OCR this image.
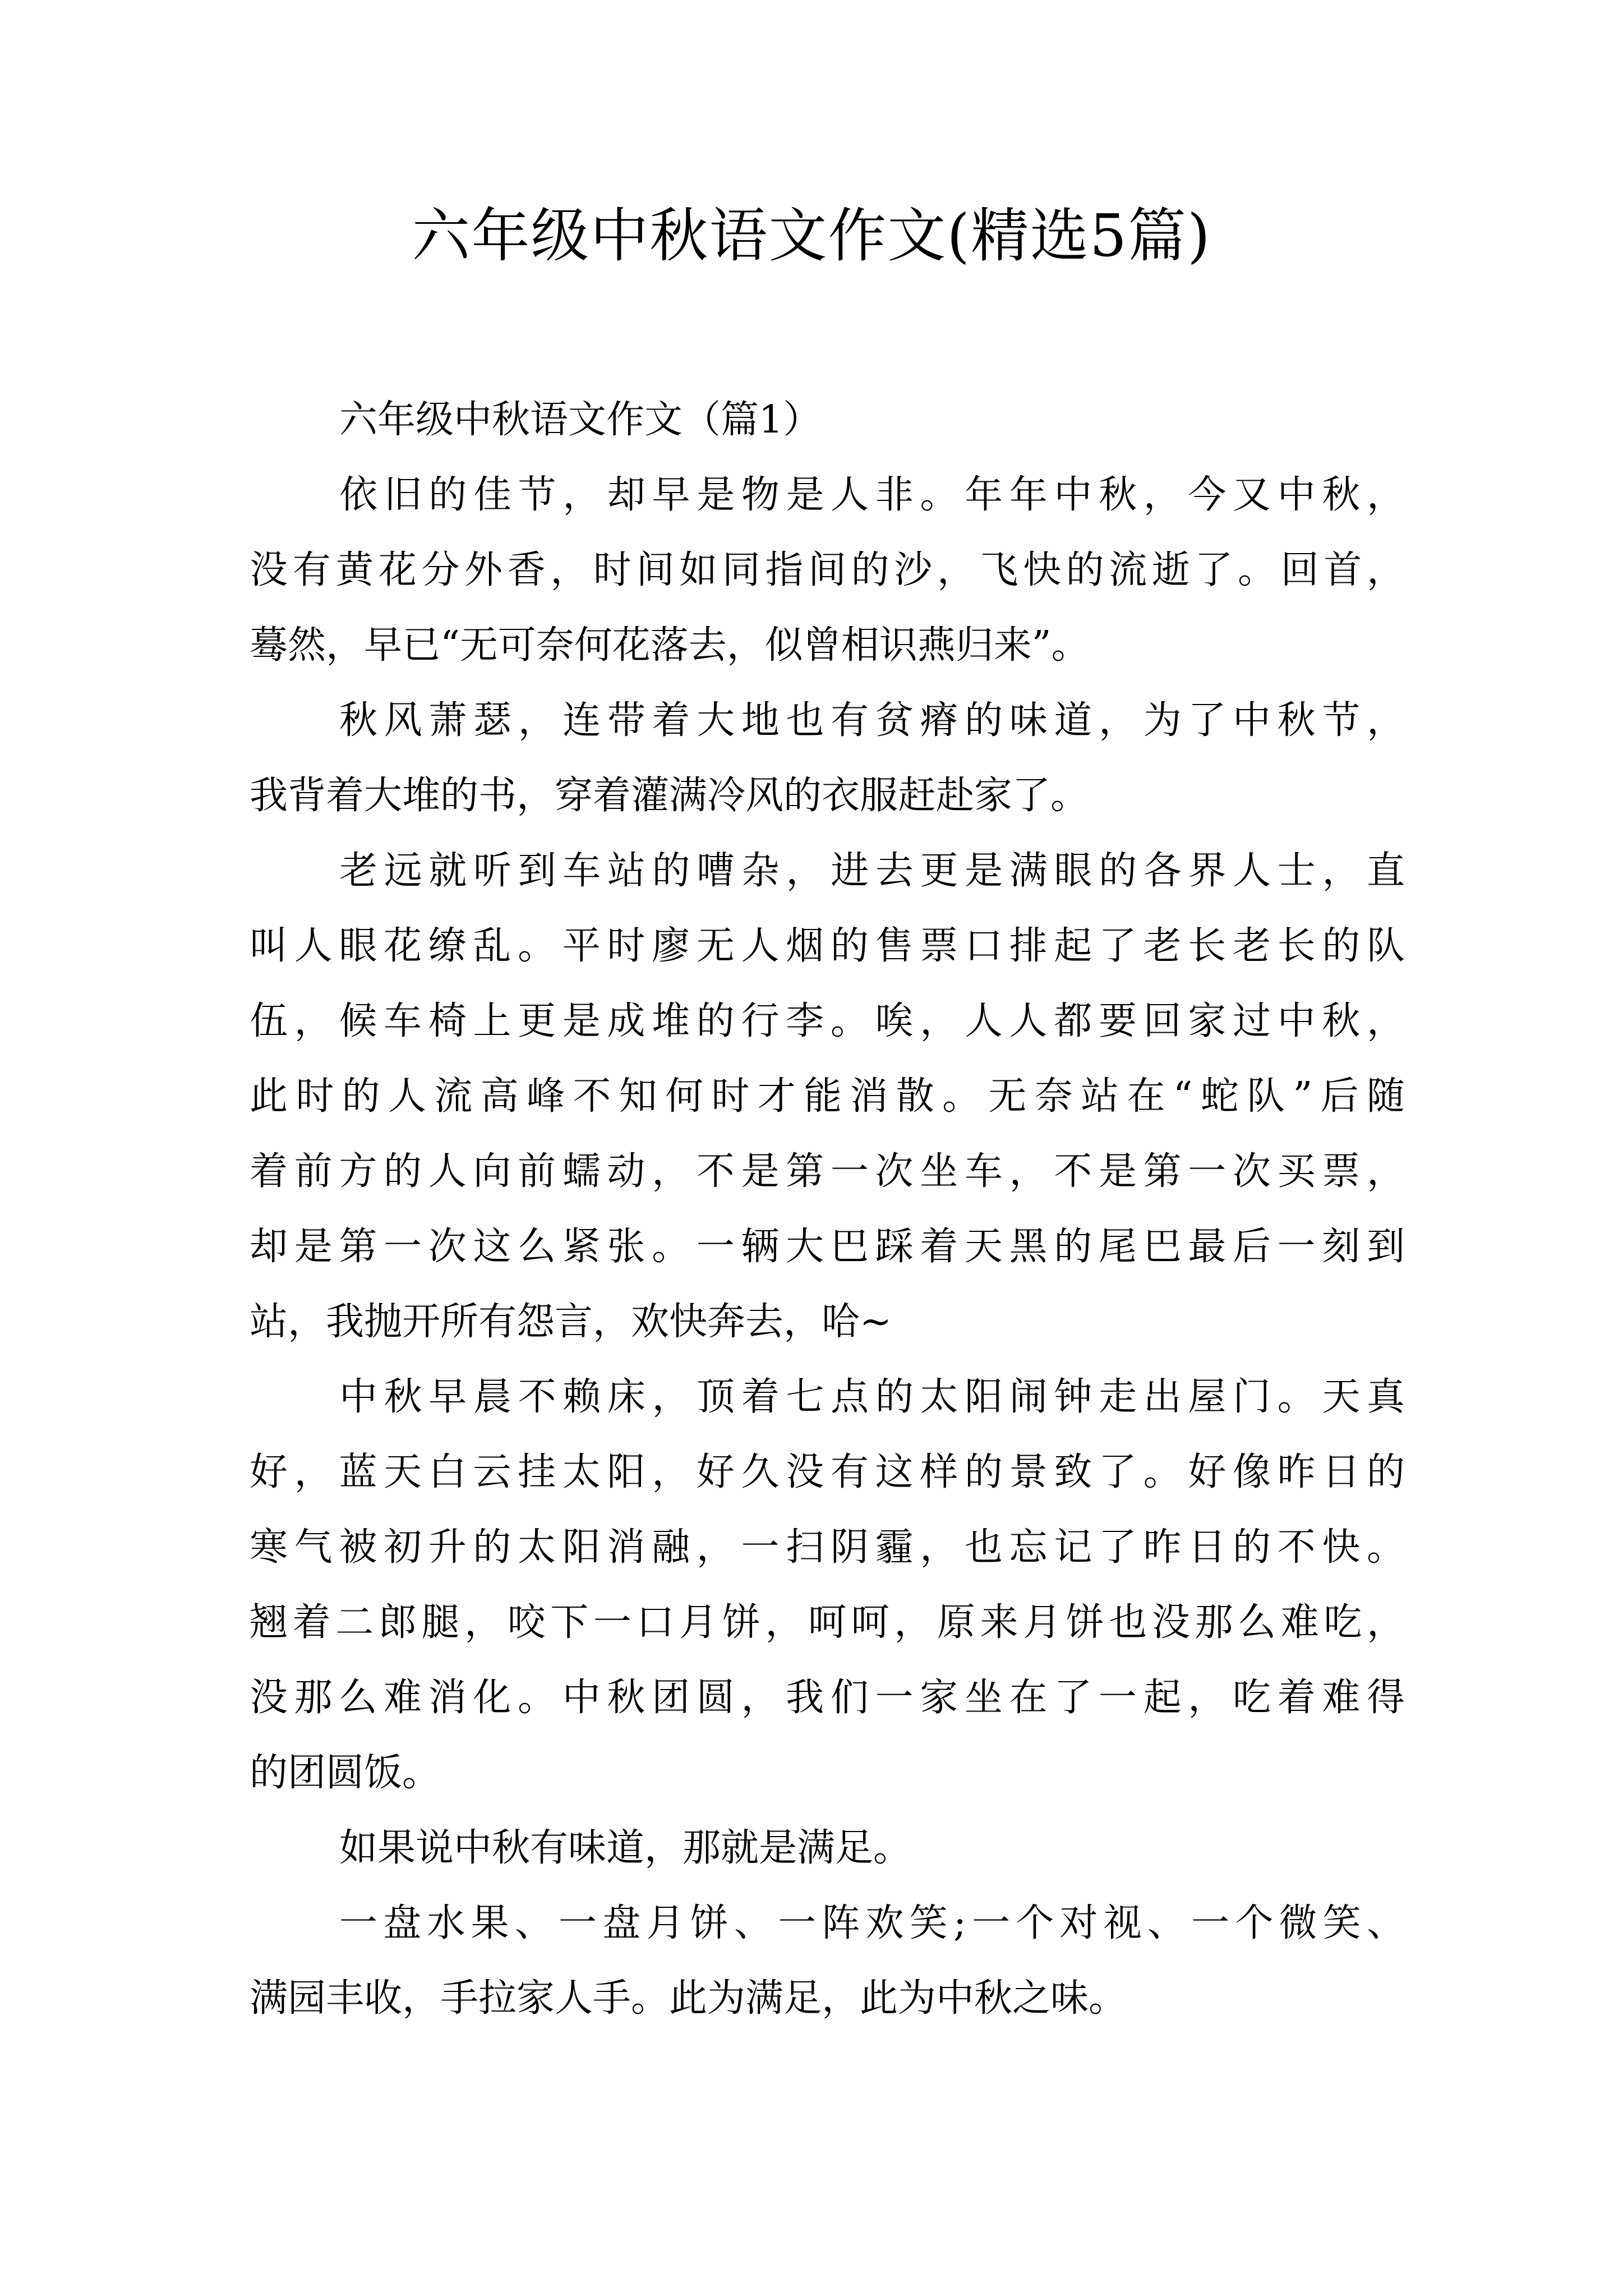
六年级中秋语文作文(精选5篇)
六年级中秋语文作文（篇1）

依旧的佳节，却早是物是人非。年年中秋，今又中秋，
没有黄花分外香，时间如同指间的沙，飞快的流逝了。回首，
蓦然，早已“无可奈何花落去，似曾相识燕归来”。

秋风萧瑟，连带着大地也有贫瘠的味道，为了中秋节，
我背着大堆的书，穿着灌满冷风的衣服赶赴家了。

老远就听到车站的嘈杂，进去更是满眼的各界人士，直
叫人眼花缭乱。平时廖无人烟的售票口排起了老长老长的队
伍，候车椅上更是成堆的行李。唉，人人都要回家过中秋，
此时的人流高峰不知何时才能消散。无奈站在“蛇队”后随
着前方的人向前蠕动，不是第一次坐车，不是第一次买票，
却是第一次这么紧张。一辆大巴踩着天黑的尾巴最后一刻到
站，我抛开所有怨言，欢快奔去，哈~

中秋早晨不赖床，顶着七点的太阳闹钟走出屋门。天真
好，蓝天白云挂太阳，好久没有这样的景致了。好像昨日的
寒气被初升的太阳消融，一扫阴霾，也忘记了昨日的不快。
翘着二郎腿，咬下一口月饼，呵呵，原来月饼也没那么难吃，
没那么难消化。中秋团圆，我们一家坐在了一起，吃着难得
的团圆饭。

如果说中秋有味道，那就是满足。

一盘水果、一盘月饼、一阵欢笑;一个对视、一个微笑、
满园丰收，手拉家人手。此为满足，此为中秋之味。
